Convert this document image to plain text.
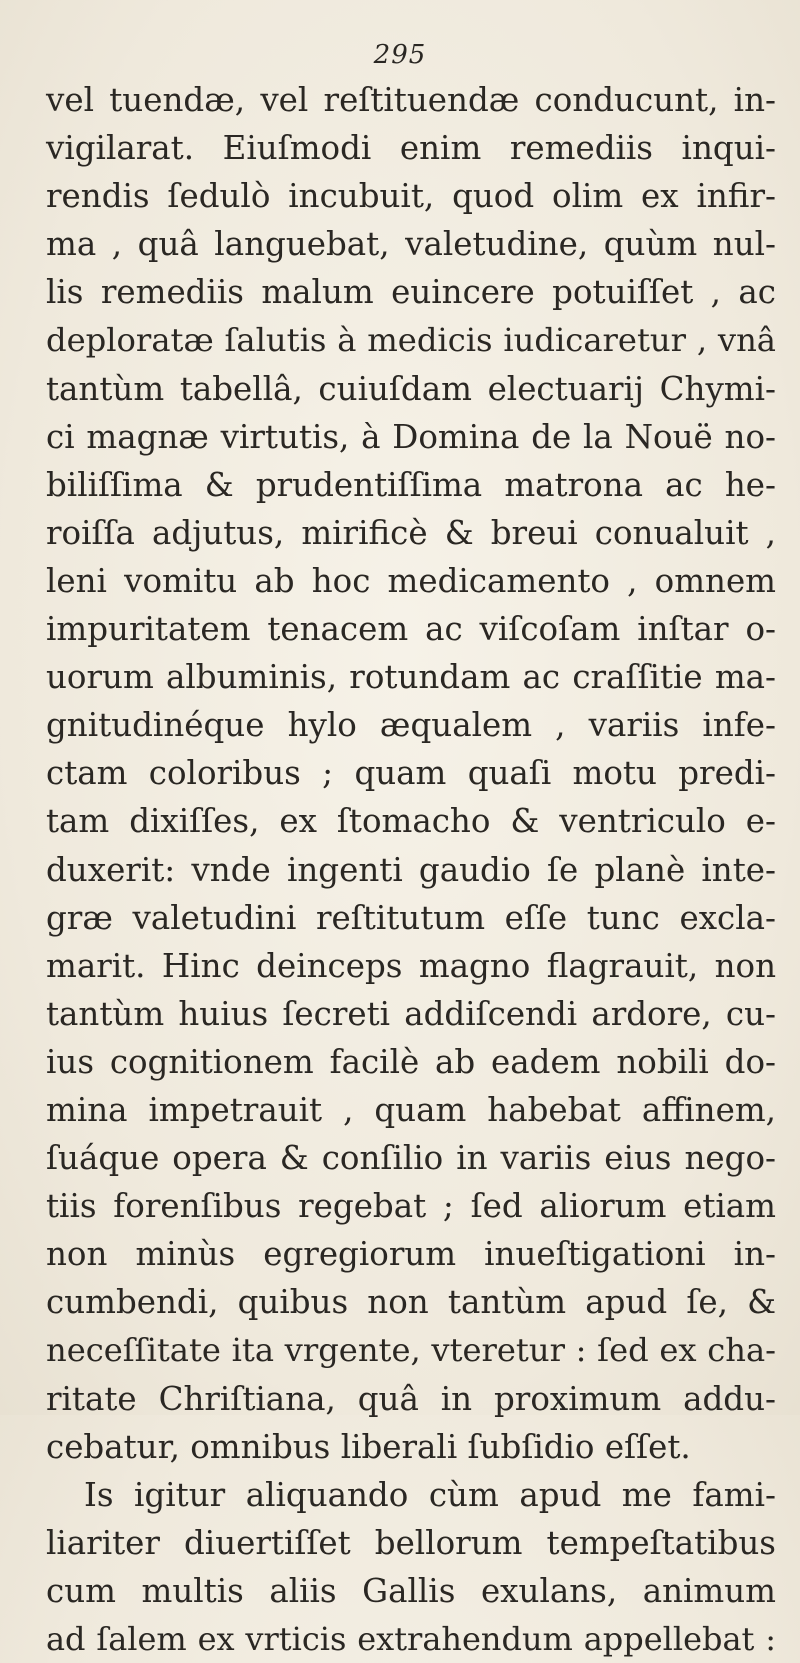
295
vel tuendæ, vel reſtituendæ conducunt, in-
vigilarat. Eiuſmodi enim remediis inqui-
rendis ſedulò incubuit, quod olim ex infir-
ma , quâ languebat, valetudine, quùm nul-
lis remediis malum euincere potuiſſet , ac
deploratæ ſalutis à medicis iudicaretur , vnâ
tantùm tabellâ, cuiuſdam electuarij Chymi-
ci magnæ virtutis, à Domina de la Nouë no-
biliſſima & prudentiſſima matrona ac he-
roiſſa adjutus, mirificè & breui conualuit ,
leni vomitu ab hoc medicamento , omnem
impuritatem tenacem ac viſcoſam inſtar o-
uorum albuminis, rotundam ac craſſitie ma-
gnitudinéque hylo æqualem , variis infe-
ctam coloribus ; quam quaſi motu predi-
tam dixiſſes, ex ſtomacho & ventriculo e-
duxerit: vnde ingenti gaudio ſe planè inte-
græ valetudini reſtitutum eſſe tunc excla-
marit. Hinc deinceps magno flagrauit, non
tantùm huius ſecreti addiſcendi ardore, cu-
ius cognitionem facilè ab eadem nobili do-
mina impetrauit , quam habebat affinem,
ſuáque opera & conſilio in variis eius nego-
tiis forenſibus regebat ; ſed aliorum etiam
non minùs egregiorum inueſtigationi in-
cumbendi, quibus non tantùm apud ſe, &
neceſſitate ita vrgente, vteretur : ſed ex cha-
ritate Chriſtiana, quâ in proximum addu-
cebatur, omnibus liberali ſubſidio eſſet.
Is igitur aliquando cùm apud me fami-
liariter diuertiſſet bellorum tempeſtatibus
cum multis aliis Gallis exulans, animum
ad ſalem ex vrticis extrahendum appellebat :
